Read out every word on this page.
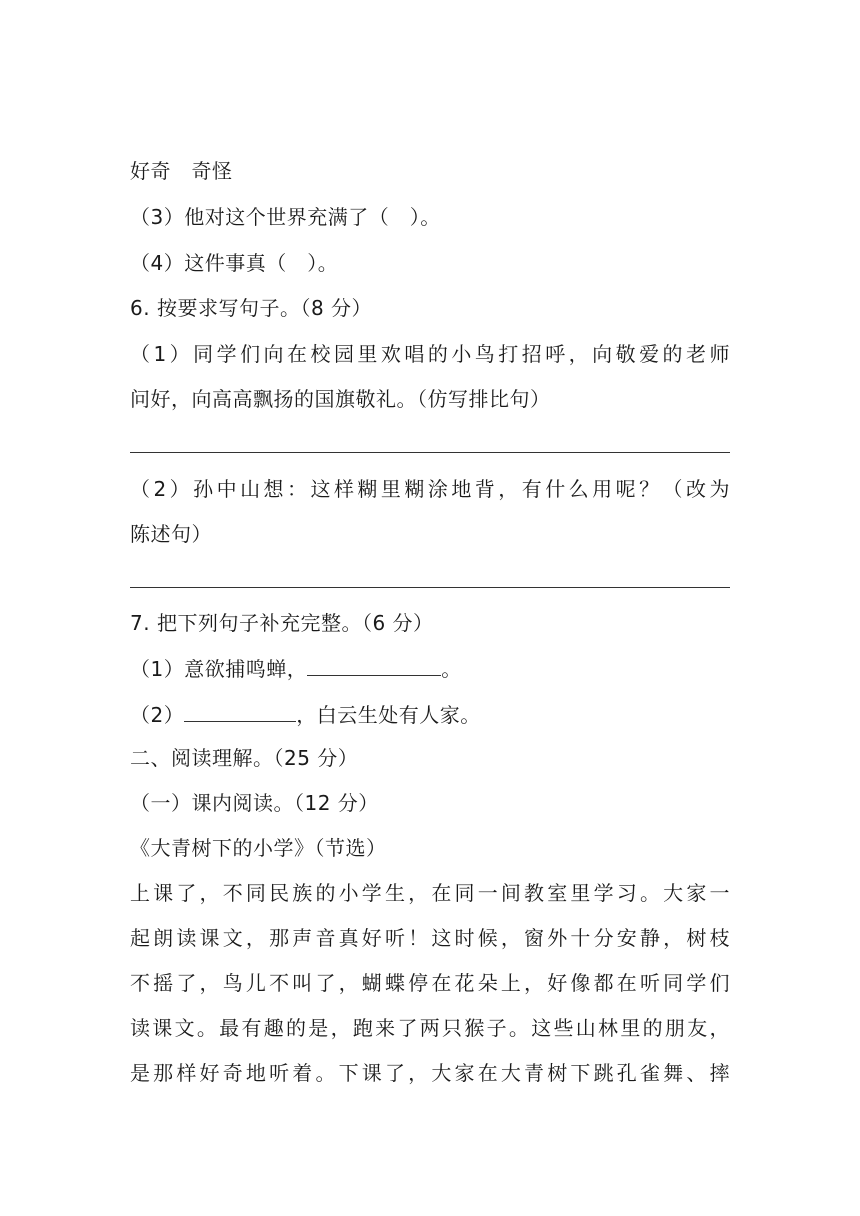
好奇　奇怪
（3）他对这个世界充满了（　）。
（4）这件事真（　）。
6. 按要求写句子。（8 分）
（1）同学们向在校园里欢唱的小鸟打招呼，向敬爱的老师
问好，向高高飘扬的国旗敬礼。（仿写排比句）
（2）孙中山想：这样糊里糊涂地背，有什么用呢？（改为
陈述句）
7. 把下列句子补充完整。（6 分）
（1）意欲捕鸣蝉，	。
（2）	，白云生处有人家。
二、阅读理解。（25 分）
（一）课内阅读。（12 分）
《大青树下的小学》（节选）
上课了，不同民族的小学生，在同一间教室里学习。大家一
起朗读课文，那声音真好听！这时候，窗外十分安静，树枝
不摇了，鸟儿不叫了，蝴蝶停在花朵上，好像都在听同学们
读课文。最有趣的是，跑来了两只猴子。这些山林里的朋友，
是那样好奇地听着。下课了，大家在大青树下跳孔雀舞、摔
